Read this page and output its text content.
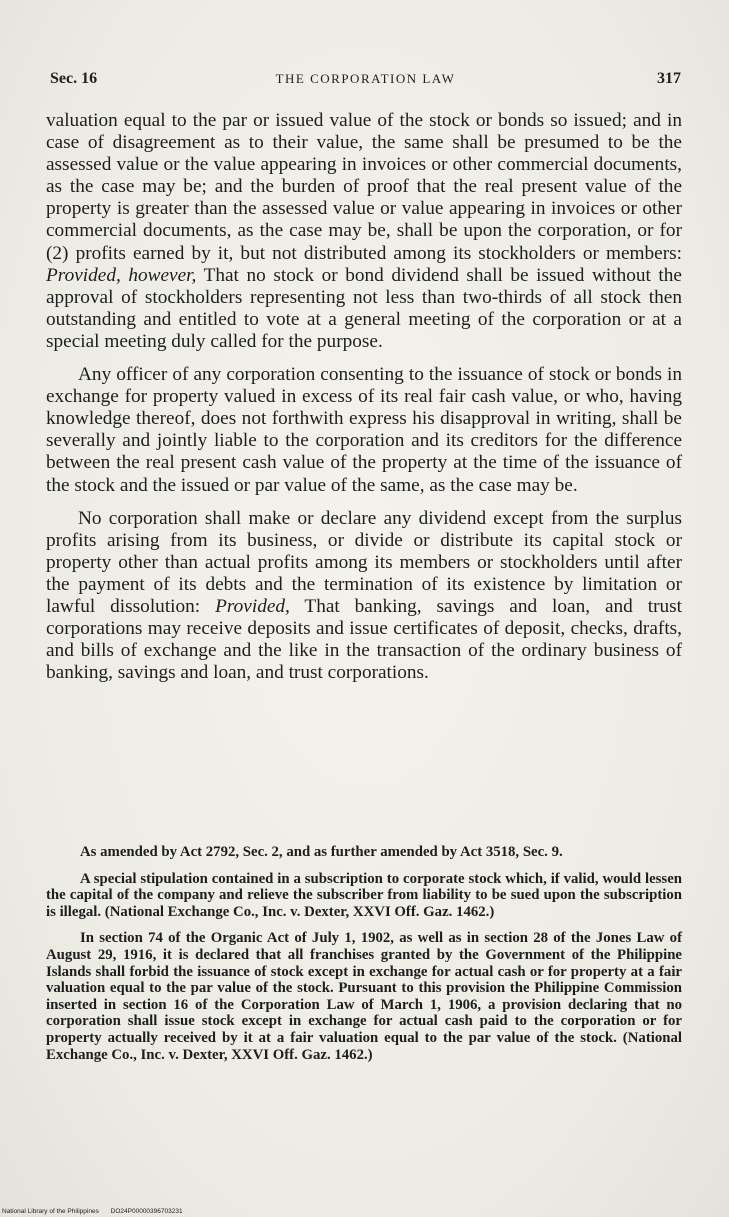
Sec. 16	THE CORPORATION LAW	317

valuation equal to the par or issued value of the stock or bonds so issued; and in case of disagreement as to their value, the same shall be presumed to be the assessed value or the value appearing in invoices or other commercial documents, as the case may be; and the burden of proof that the real present value of the property is greater than the assessed value or value appearing in invoices or other commercial documents, as the case may be, shall be upon the corporation, or for (2) profits earned by it, but not distributed among its stockholders or members: Provided, however, That no stock or bond dividend shall be issued without the approval of stockholders representing not less than two-thirds of all stock then outstanding and entitled to vote at a general meeting of the corporation or at a special meeting duly called for the purpose.

Any officer of any corporation consenting to the issuance of stock or bonds in exchange for property valued in excess of its real fair cash value, or who, having knowledge thereof, does not forthwith express his disapproval in writing, shall be severally and jointly liable to the corporation and its creditors for the difference between the real present cash value of the property at the time of the issuance of the stock and the issued or par value of the same, as the case may be.

No corporation shall make or declare any dividend except from the surplus profits arising from its business, or divide or distribute its capital stock or property other than actual profits among its members or stockholders until after the payment of its debts and the termination of its existence by limitation or lawful dissolution: Provided, That banking, savings and loan, and trust corporations may receive deposits and issue certificates of deposit, checks, drafts, and bills of exchange and the like in the transaction of the ordinary business of banking, savings and loan, and trust corporations.

As amended by Act 2792, Sec. 2, and as further amended by Act 3518, Sec. 9.

A special stipulation contained in a subscription to corporate stock which, if valid, would lessen the capital of the company and relieve the subscriber from liability to be sued upon the subscription is illegal. (National Exchange Co., Inc. v. Dexter, XXVI Off. Gaz. 1462.)

In section 74 of the Organic Act of July 1, 1902, as well as in section 28 of the Jones Law of August 29, 1916, it is declared that all franchises granted by the Government of the Philippine Islands shall forbid the issuance of stock except in exchange for actual cash or for property at a fair valuation equal to the par value of the stock. Pursuant to this provision the Philippine Commission inserted in section 16 of the Corporation Law of March 1, 1906, a provision declaring that no corporation shall issue stock except in exchange for actual cash paid to the corporation or for property actually received by it at a fair valuation equal to the par value of the stock. (National Exchange Co., Inc. v. Dexter, XXVI Off. Gaz. 1462.)

National Library of the Philippines DO24P00000396703231
